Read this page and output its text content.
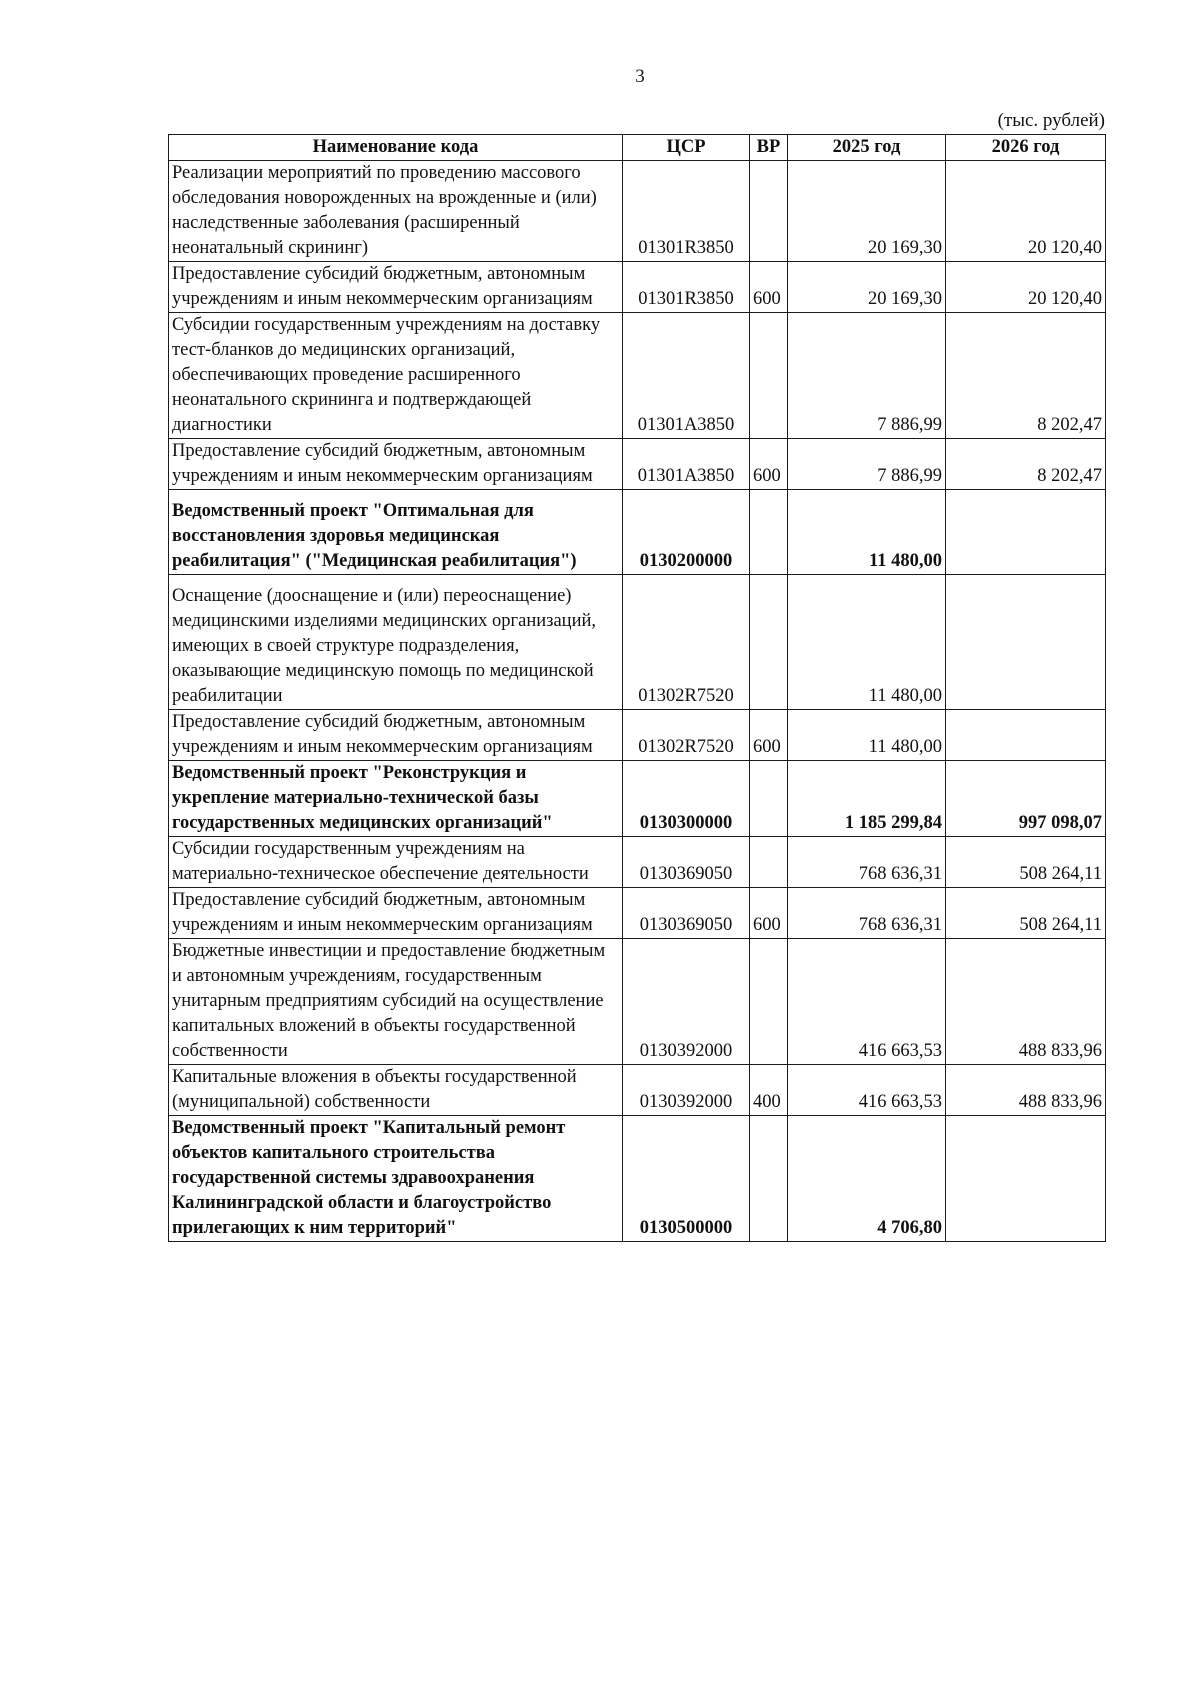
3
(тыс. рублей)
Наименование кода	ЦСР	ВР	2025 год	2026 год
Реализации мероприятий по проведению массового обследования новорожденных на врожденные и (или) наследственные заболевания (расширенный неонатальный скрининг)	01301R3850		20 169,30	20 120,40
Предоставление субсидий бюджетным, автономным учреждениям и иным некоммерческим организациям	01301R3850	600	20 169,30	20 120,40
Субсидии государственным учреждениям на доставку тест-бланков до медицинских организаций, обеспечивающих проведение расширенного неонатального скрининга и подтверждающей диагностики	01301А3850		7 886,99	8 202,47
Предоставление субсидий бюджетным, автономным учреждениям и иным некоммерческим организациям	01301А3850	600	7 886,99	8 202,47
Ведомственный проект "Оптимальная для восстановления здоровья медицинская реабилитация" ("Медицинская реабилитация")	0130200000		11 480,00	
Оснащение (дооснащение и (или) переоснащение) медицинскими изделиями медицинских организаций, имеющих в своей структуре подразделения, оказывающие медицинскую помощь по медицинской реабилитации	01302R7520		11 480,00	
Предоставление субсидий бюджетным, автономным учреждениям и иным некоммерческим организациям	01302R7520	600	11 480,00	
Ведомственный проект "Реконструкция и укрепление материально-технической базы государственных медицинских организаций"	0130300000		1 185 299,84	997 098,07
Субсидии государственным учреждениям на материально-техническое обеспечение деятельности	0130369050		768 636,31	508 264,11
Предоставление субсидий бюджетным, автономным учреждениям и иным некоммерческим организациям	0130369050	600	768 636,31	508 264,11
Бюджетные инвестиции и предоставление бюджетным и автономным учреждениям, государственным унитарным предприятиям субсидий на осуществление капитальных вложений в объекты государственной собственности	0130392000		416 663,53	488 833,96
Капитальные вложения в объекты государственной (муниципальной) собственности	0130392000	400	416 663,53	488 833,96
Ведомственный проект "Капитальный ремонт объектов капитального строительства государственной системы здравоохранения Калининградской области и благоустройство прилегающих к ним территорий"	0130500000		4 706,80	
